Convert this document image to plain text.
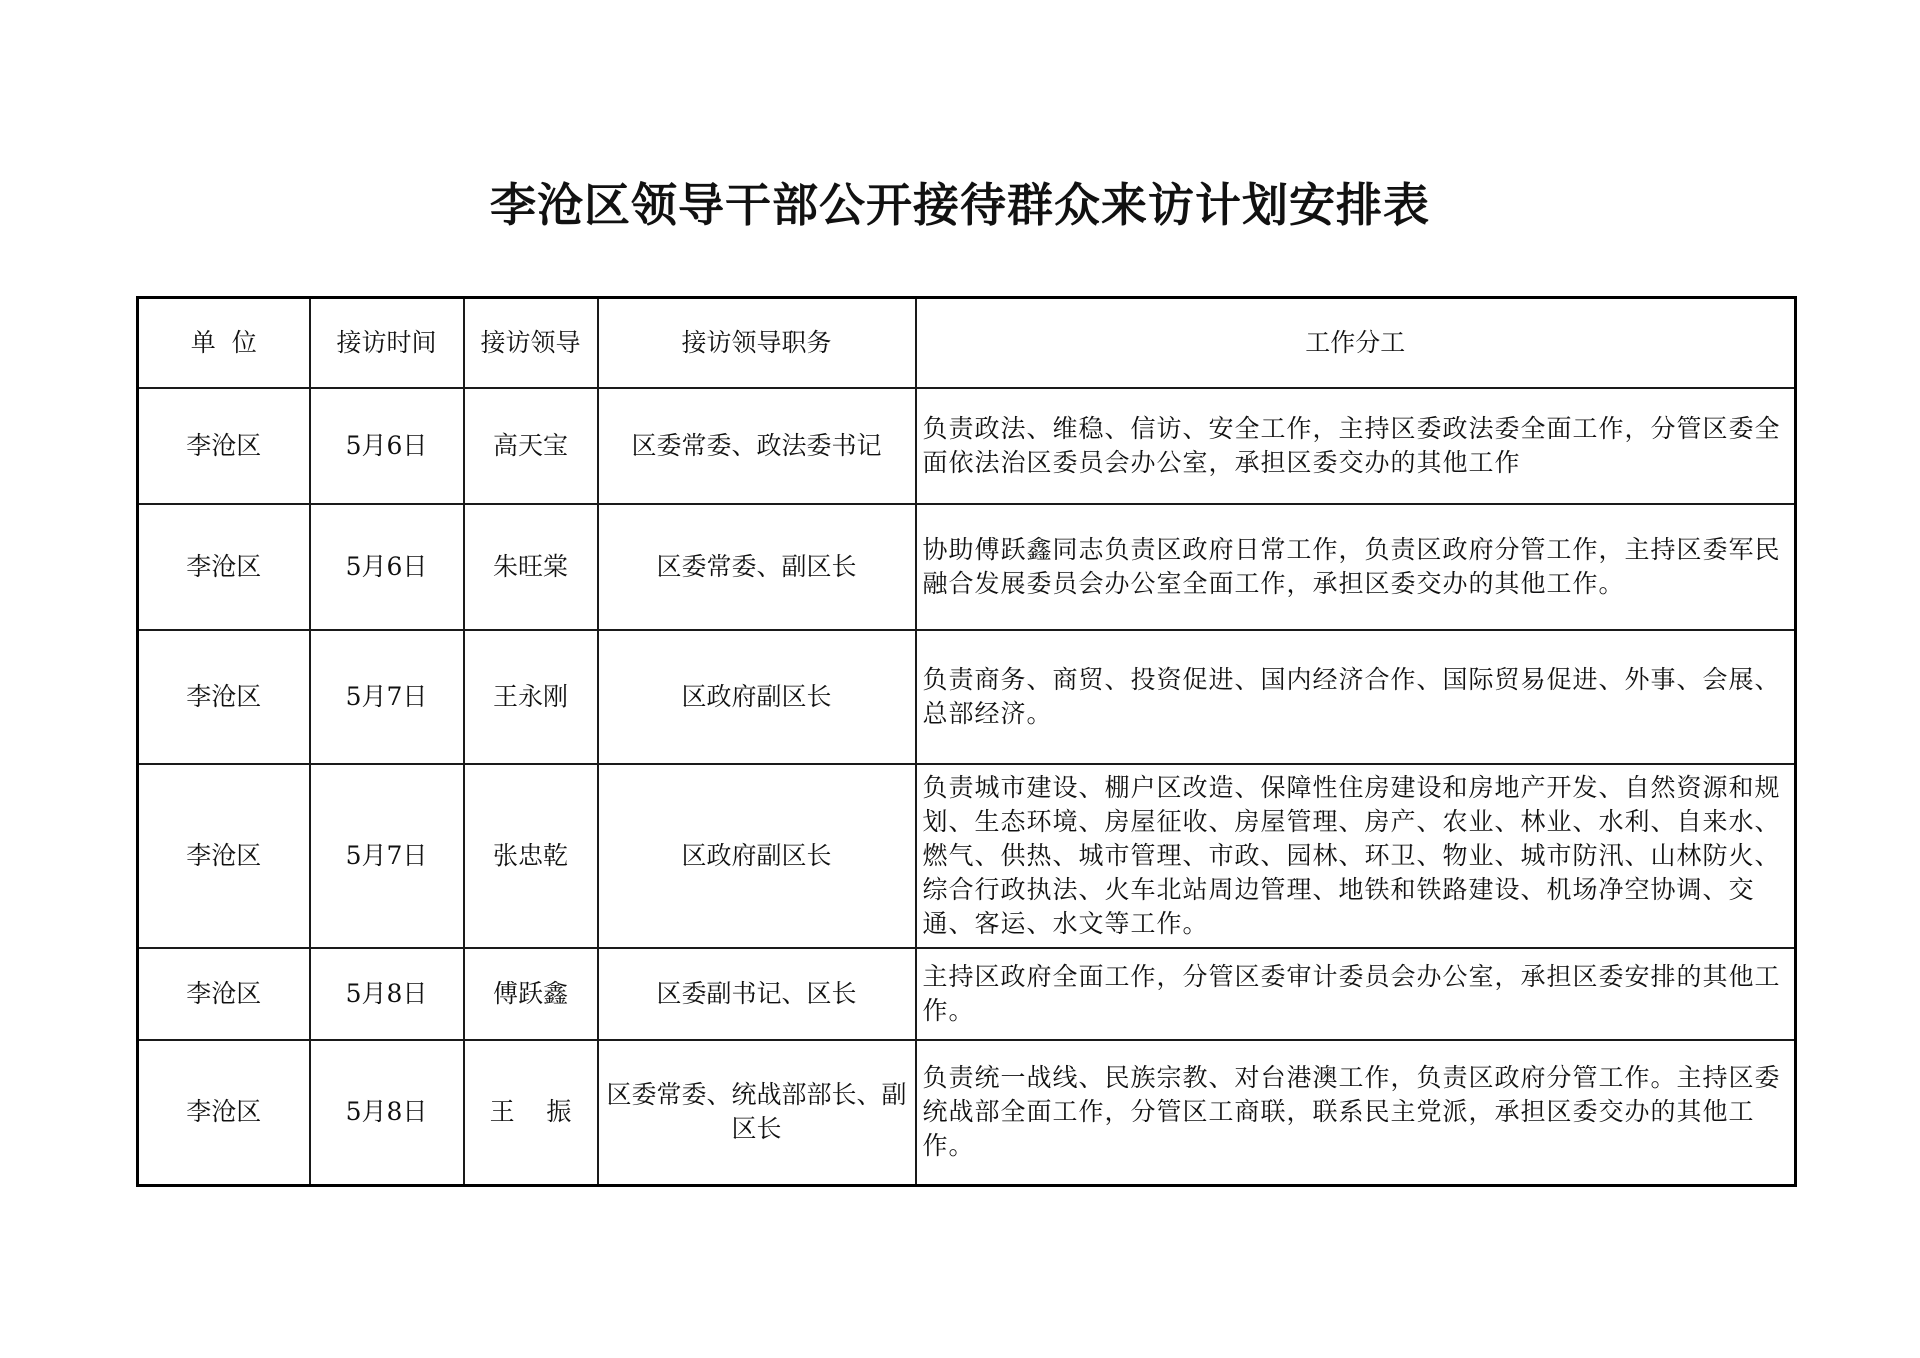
李沧区领导干部公开接待群众来访计划安排表
单  位	接访时间	接访领导	接访领导职务	工作分工
李沧区	5月6日	高天宝	区委常委、政法委书记	负责政法、维稳、信访、安全工作，主持区委政法委全面工作，分管区委全面依法治区委员会办公室，承担区委交办的其他工作
李沧区	5月6日	朱旺棠	区委常委、副区长	协助傅跃鑫同志负责区政府日常工作，负责区政府分管工作，主持区委军民融合发展委员会办公室全面工作，承担区委交办的其他工作。
李沧区	5月7日	王永刚	区政府副区长	负责商务、商贸、投资促进、国内经济合作、国际贸易促进、外事、会展、总部经济。
李沧区	5月7日	张忠乾	区政府副区长	负责城市建设、棚户区改造、保障性住房建设和房地产开发、自然资源和规划、生态环境、房屋征收、房屋管理、房产、农业、林业、水利、自来水、燃气、供热、城市管理、市政、园林、环卫、物业、城市防汛、山林防火、综合行政执法、火车北站周边管理、地铁和铁路建设、机场净空协调、交通、客运、水文等工作。
李沧区	5月8日	傅跃鑫	区委副书记、区长	主持区政府全面工作，分管区委审计委员会办公室，承担区委安排的其他工作。
李沧区	5月8日	王    振	区委常委、统战部部长、副区长	负责统一战线、民族宗教、对台港澳工作，负责区政府分管工作。主持区委统战部全面工作，分管区工商联，联系民主党派，承担区委交办的其他工作。
